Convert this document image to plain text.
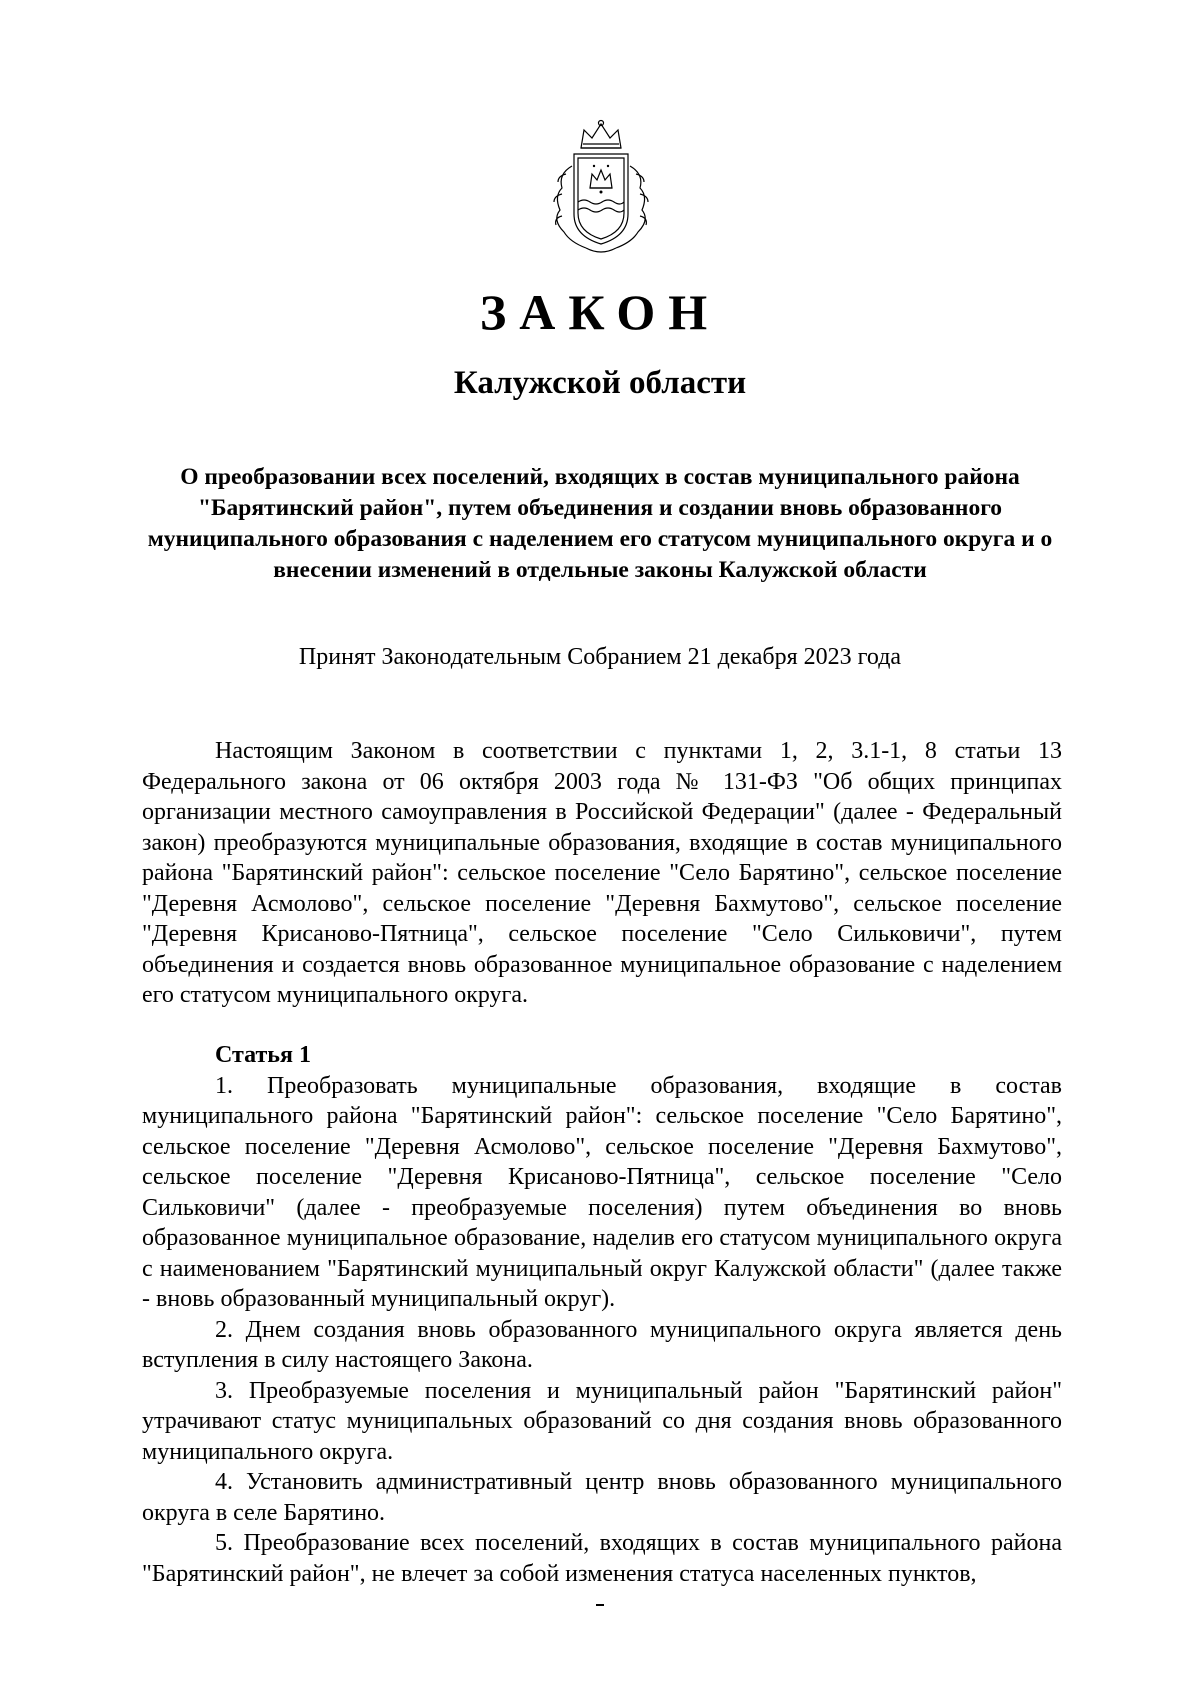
ЗАКОН
Калужской области
О преобразовании всех поселений, входящих в состав муниципального района "Барятинский район", путем объединения и создании вновь образованного муниципального образования с наделением его статусом муниципального округа и о внесении изменений в отдельные законы Калужской области
Принят Законодательным Собранием 21 декабря 2023 года

Настоящим Законом в соответствии с пунктами 1, 2, 3.1-1, 8 статьи 13 Федерального закона от 06 октября 2003 года № 131-ФЗ "Об общих принципах организации местного самоуправления в Российской Федерации" (далее - Федеральный закон) преобразуются муниципальные образования, входящие в состав муниципального района "Барятинский район": сельское поселение "Село Барятино", сельское поселение "Деревня Асмолово", сельское поселение "Деревня Бахмутово", сельское поселение "Деревня Крисаново-Пятница", сельское поселение "Село Сильковичи", путем объединения и создается вновь образованное муниципальное образование с наделением его статусом муниципального округа.

Статья 1

1. Преобразовать муниципальные образования, входящие в состав муниципального района "Барятинский район": сельское поселение "Село Барятино", сельское поселение "Деревня Асмолово", сельское поселение "Деревня Бахмутово", сельское поселение "Деревня Крисаново-Пятница", сельское поселение "Село Сильковичи" (далее - преобразуемые поселения) путем объединения во вновь образованное муниципальное образование, наделив его статусом муниципального округа с наименованием "Барятинский муниципальный округ Калужской области" (далее также - вновь образованный муниципальный округ).

2. Днем создания вновь образованного муниципального округа является день вступления в силу настоящего Закона.

3. Преобразуемые поселения и муниципальный район "Барятинский район" утрачивают статус муниципальных образований со дня создания вновь образованного муниципального округа.

4. Установить административный центр вновь образованного муниципального округа в селе Барятино.

5. Преобразование всех поселений, входящих в состав муниципального района "Барятинский район", не влечет за собой изменения статуса населенных пунктов,
